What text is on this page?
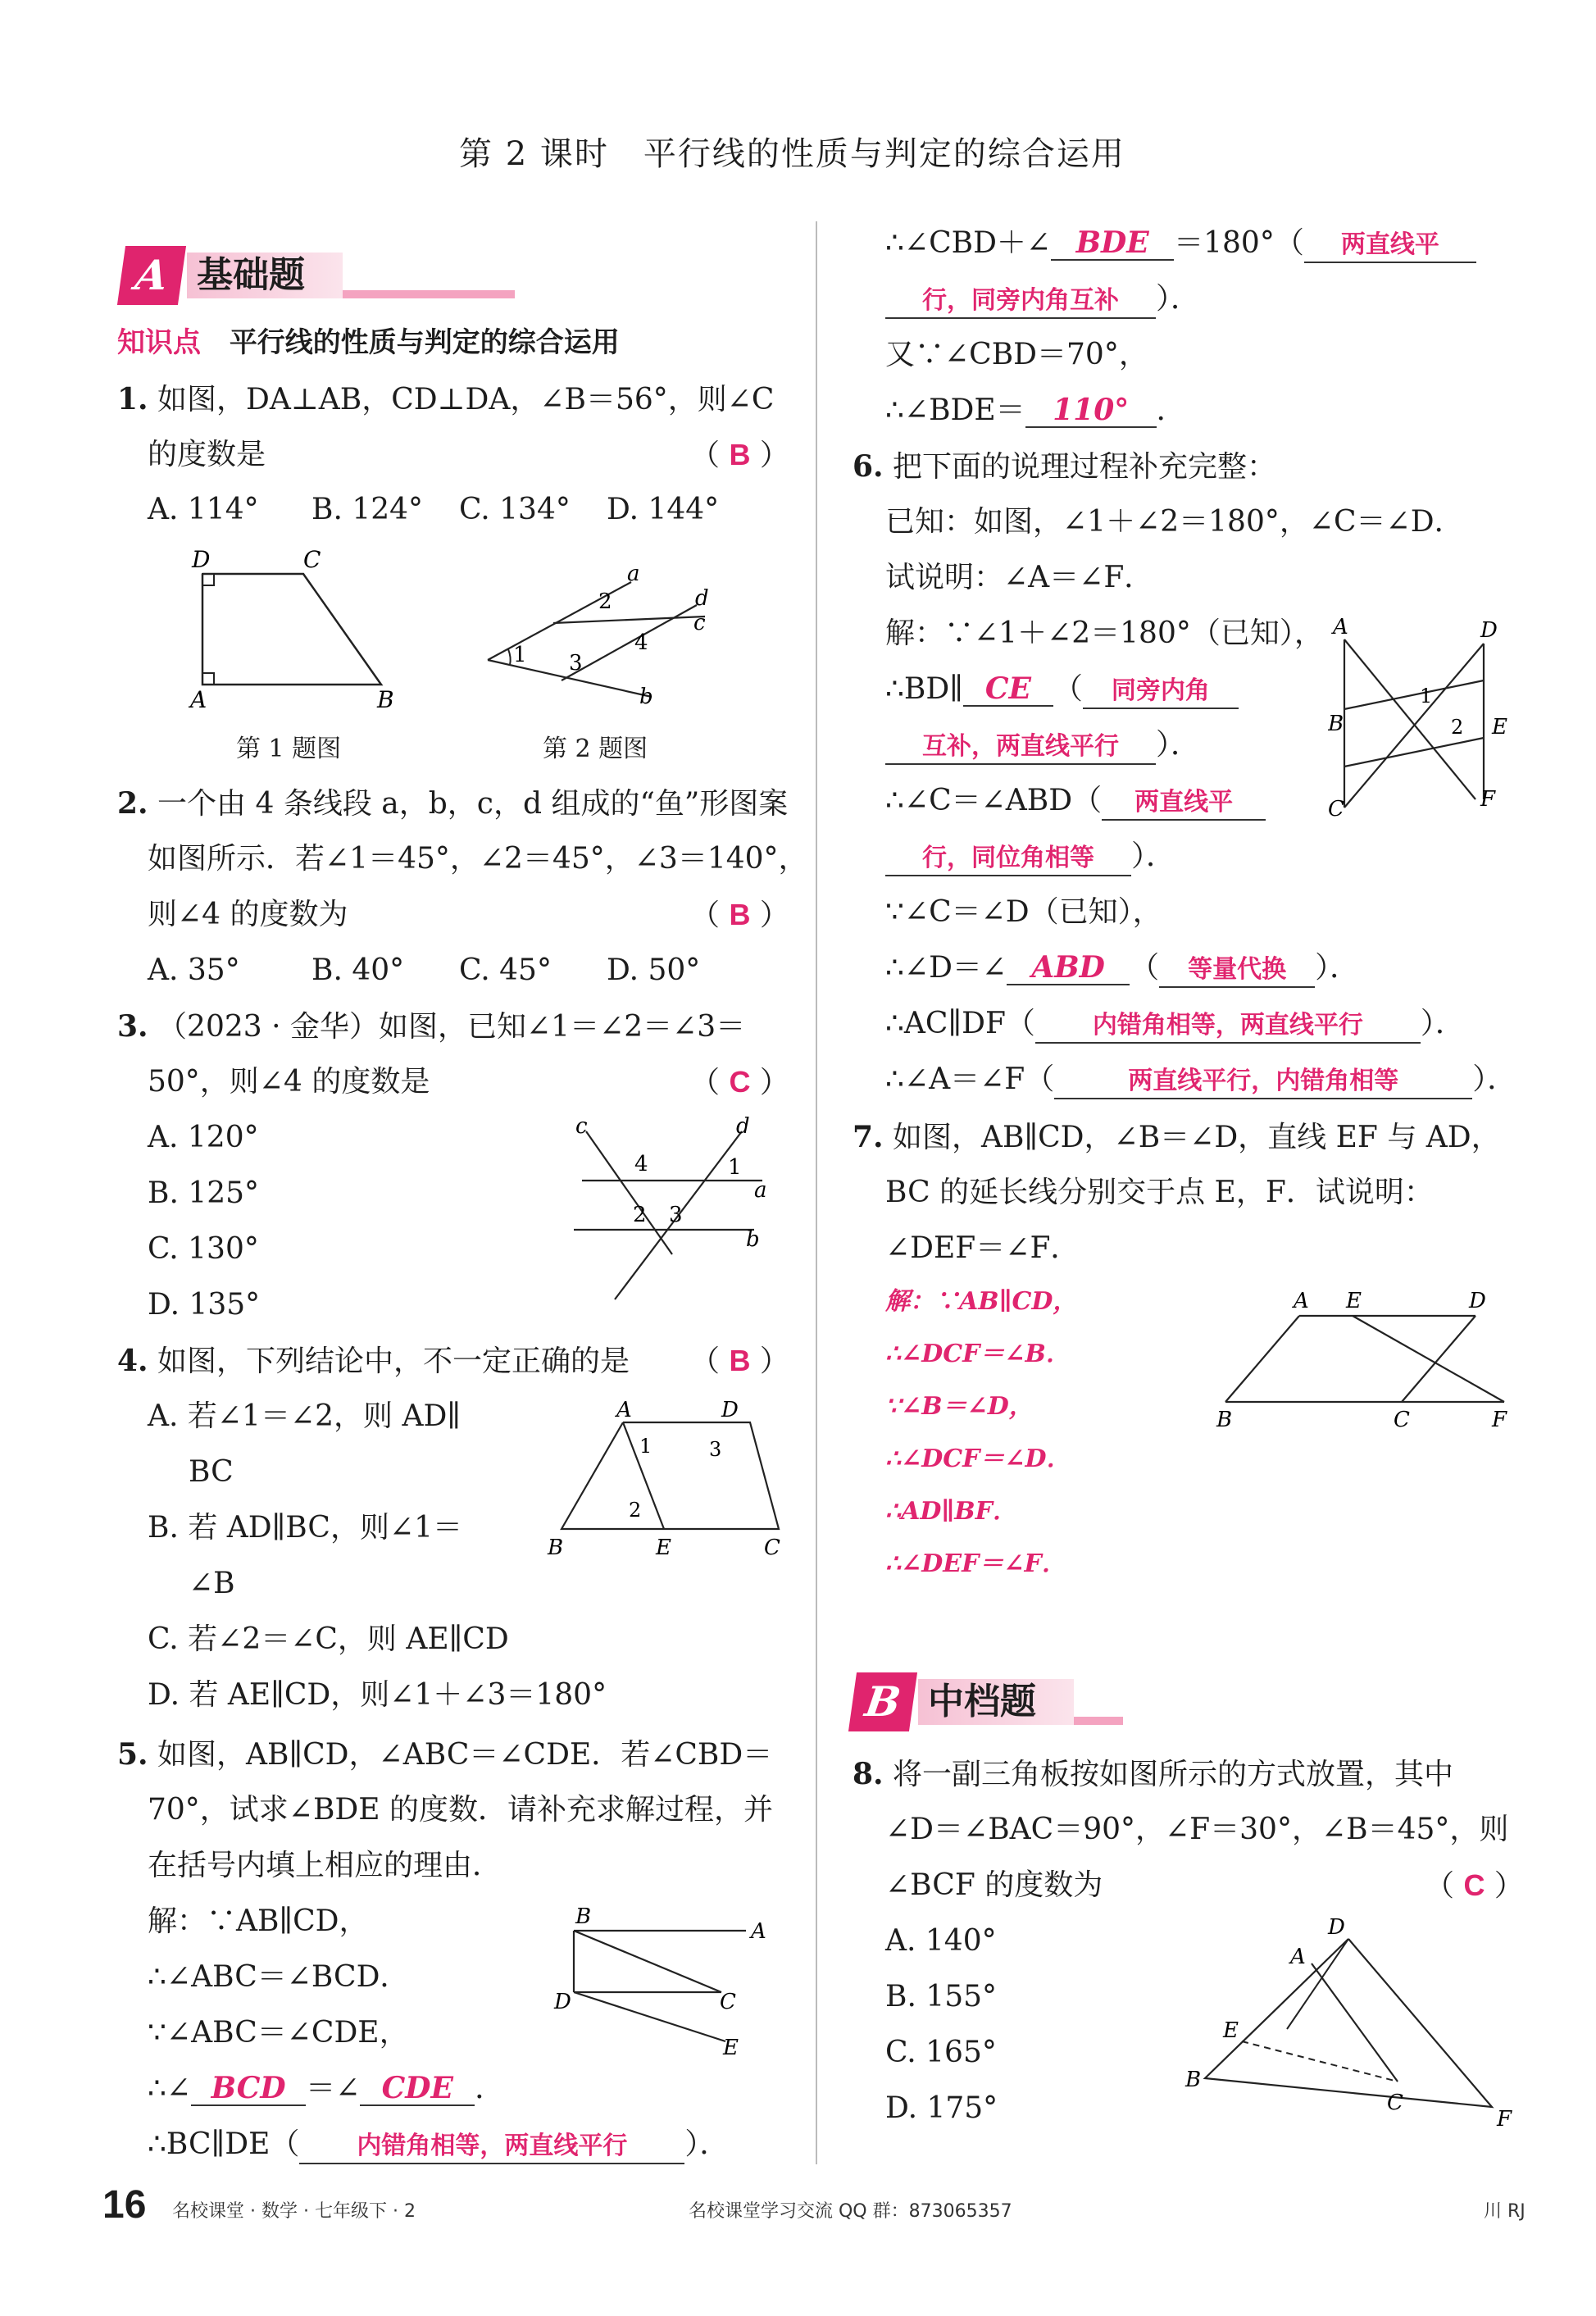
第 2 课时　平行线的性质与判定的综合运用
A 基础题
知识点 平行线的性质与判定的综合运用
1. 如图，DA⊥AB，CD⊥DA，∠B＝56°，则∠C
的度数是	（ B ）
A. 114° B. 124° C. 134° D. 144°
D	C
A	B
第 1 题图
a
2	d
c
4
1 3
b
第 2 题图
2. 一个由 4 条线段 a，b，c，d 组成的“鱼”形图案
如图所示．若∠1＝45°，∠2＝45°，∠3＝140°，
则∠4 的度数为	（ B ）
A. 35° B. 40° C. 45° D. 50°
3. （2023 · 金华）如图，已知∠1＝∠2＝∠3＝
50°，则∠4 的度数是	（ C ）
A. 120°
B. 125°
C. 130°
D. 135°
c
4
d
1
a
2 3
b
4. 如图，下列结论中，不一定正确的是 （ B ）
A. 若∠1＝∠2，则 AD∥
BC
B. 若 AD∥BC，则∠1＝
∠B
C. 若∠2＝∠C，则 AE∥CD
D. 若 AE∥CD，则∠1＋∠3＝180°
A	D
1	3
2
B	E	C
5. 如图，AB∥CD，∠ABC＝∠CDE．若∠CBD＝
70°，试求∠BDE 的度数．请补充求解过程，并
在括号内填上相应的理由．
解：∵AB∥CD，
∴∠ABC＝∠BCD．
∵∠ABC＝∠CDE，
∴∠ BCD ＝∠ CDE ．
∴BC∥DE（ 内错角相等，两直线平行 ）．
B
A
D	C
E
∴∠CBD＋∠ BDE ＝180°（ 两直线平
行，同旁内角互补 ）．
又∵∠CBD＝70°，
∴∠BDE＝ 110° ．
6. 把下面的说理过程补充完整：
已知：如图，∠1＋∠2＝180°，∠C＝∠D．
试说明：∠A＝∠F．
解：∵∠1＋∠2＝180°（已知），
∴BD∥ CE （ 同旁内角
互补，两直线平行 ）．
∴∠C＝∠ABD（ 两直线平
行，同位角相等 ）．
∵∠C＝∠D（已知），
∴∠D＝∠ ABD （ 等量代换 ）．
∴AC∥DF（ 内错角相等，两直线平行 ）．
∴∠A＝∠F（	两直线平行，内错角相等	）．
A	D
1
B	2 E
C	F
7. 如图，AB∥CD，∠B＝∠D，直线 EF 与 AD，
BC 的延长线分别交于点 E，F．试说明：
∠DEF＝∠F．
解：∵AB∥CD，
∴∠DCF＝∠B．
∵∠B＝∠D，
∴∠DCF＝∠D．
∴AD∥BF．
∴∠DEF＝∠F．
A E	D
B	C	F
B 中档题
8. 将一副三角板按如图所示的方式放置，其中
∠D＝∠BAC＝90°，∠F＝30°，∠B＝45°，则
∠BCF 的度数为	（ C ）
A. 140°
B. 155°
C. 165°
D. 175°
D
A
E
B
C
F
16 名校课堂 · 数学 · 七年级下 · 2	名校课堂学习交流 QQ 群：873065357	川 RJ
